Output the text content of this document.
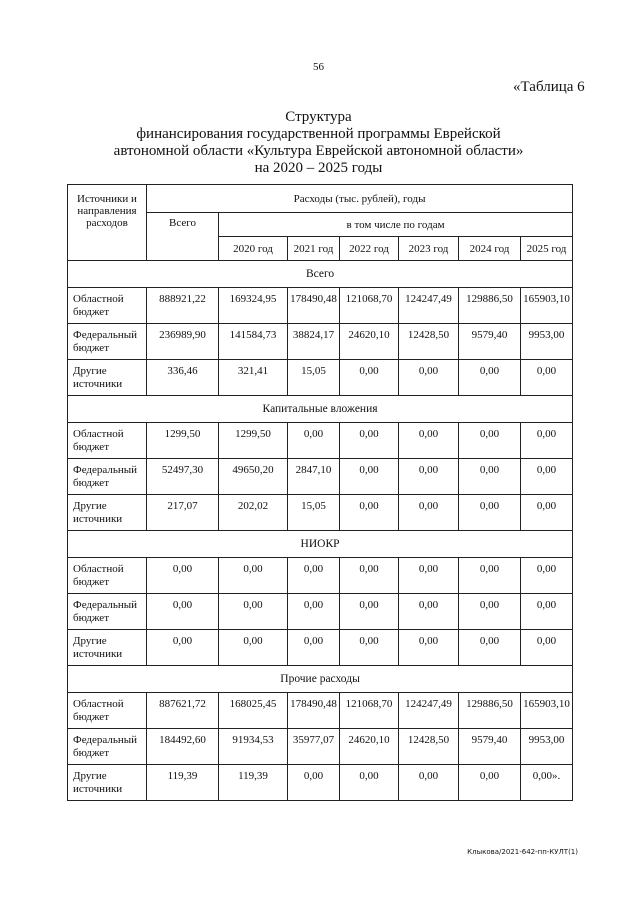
56
«Таблица 6
Структура
финансирования государственной программы Еврейской
автономной области «Культура Еврейской автономной области»
на 2020 – 2025 годы
Источники и направления расходов	Расходы (тыс. рублей), годы						
	Всего	в том числе по годам					
		2020 год	2021 год	2022 год	2023 год	2024 год	2025 год
Всего							
Областной бюджет	888921,22	169324,95	178490,48	121068,70	124247,49	129886,50	165903,10
Федеральный бюджет	236989,90	141584,73	38824,17	24620,10	12428,50	9579,40	9953,00
Другие источники	336,46	321,41	15,05	0,00	0,00	0,00	0,00
Капитальные вложения							
Областной бюджет	1299,50	1299,50	0,00	0,00	0,00	0,00	0,00
Федеральный бюджет	52497,30	49650,20	2847,10	0,00	0,00	0,00	0,00
Другие источники	217,07	202,02	15,05	0,00	0,00	0,00	0,00
НИОКР							
Областной бюджет	0,00	0,00	0,00	0,00	0,00	0,00	0,00
Федеральный бюджет	0,00	0,00	0,00	0,00	0,00	0,00	0,00
Другие источники	0,00	0,00	0,00	0,00	0,00	0,00	0,00
Прочие расходы							
Областной бюджет	887621,72	168025,45	178490,48	121068,70	124247,49	129886,50	165903,10
Федеральный бюджет	184492,60	91934,53	35977,07	24620,10	12428,50	9579,40	9953,00
Другие источники	119,39	119,39	0,00	0,00	0,00	0,00	0,00».
Клыкова/2021-642-пп-КУЛТ(1)
